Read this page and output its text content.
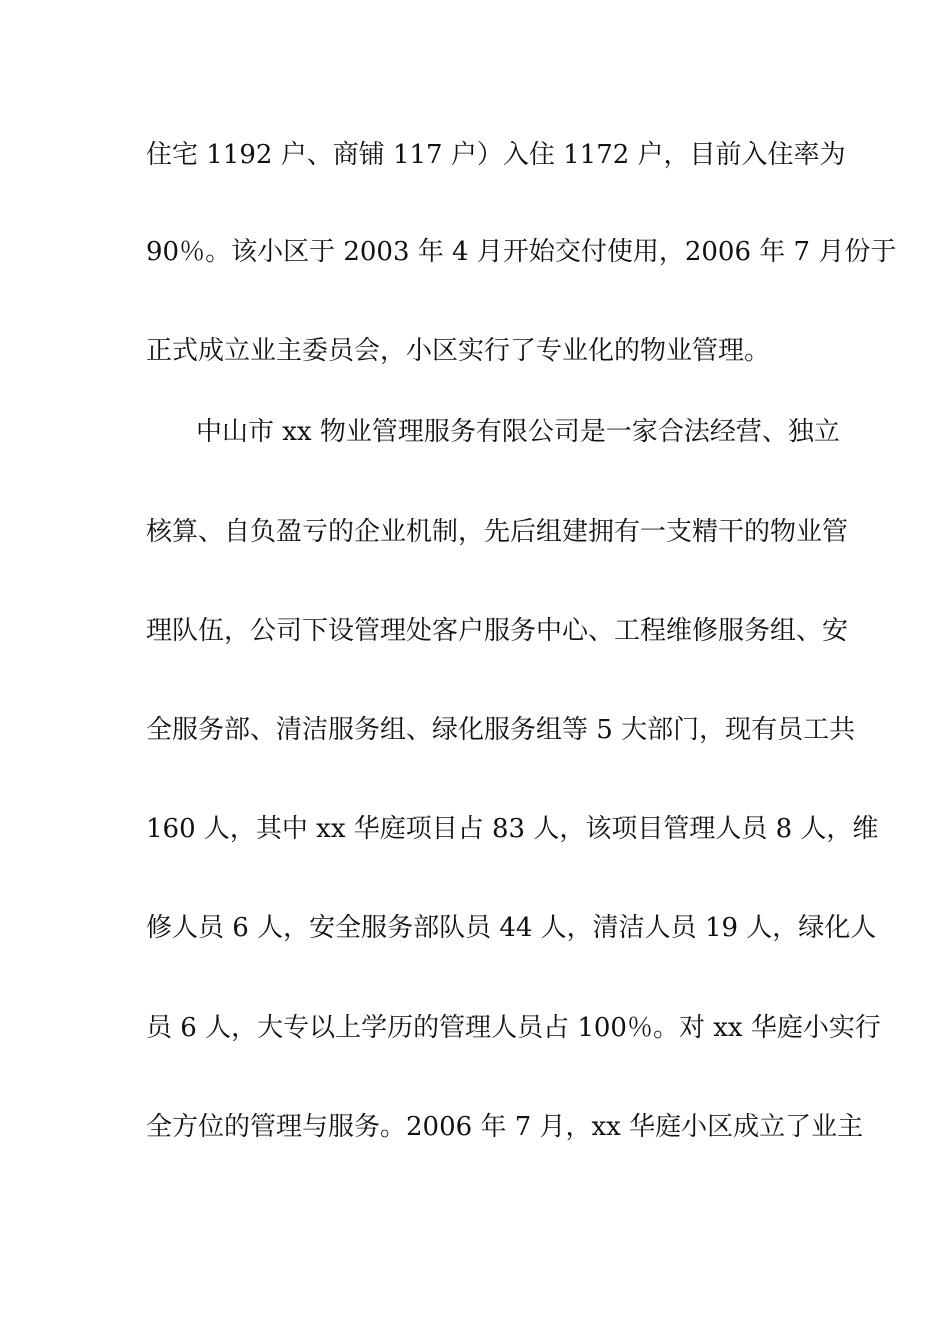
住宅 1192 户、商铺 117 户）入住 1172 户，目前入住率为
90％。该小区于 2003 年 4 月开始交付使用，2006 年 7 月份于
正式成立业主委员会，小区实行了专业化的物业管理。
中山市 xx 物业管理服务有限公司是一家合法经营、独立
核算、自负盈亏的企业机制，先后组建拥有一支精干的物业管
理队伍，公司下设管理处客户服务中心、工程维修服务组、安
全服务部、清洁服务组、绿化服务组等 5 大部门，现有员工共
160 人，其中 xx 华庭项目占 83 人，该项目管理人员 8 人，维
修人员 6 人，安全服务部队员 44 人，清洁人员 19 人，绿化人
员 6 人，大专以上学历的管理人员占 100％。对 xx 华庭小实行
全方位的管理与服务。2006 年 7 月，xx 华庭小区成立了业主
